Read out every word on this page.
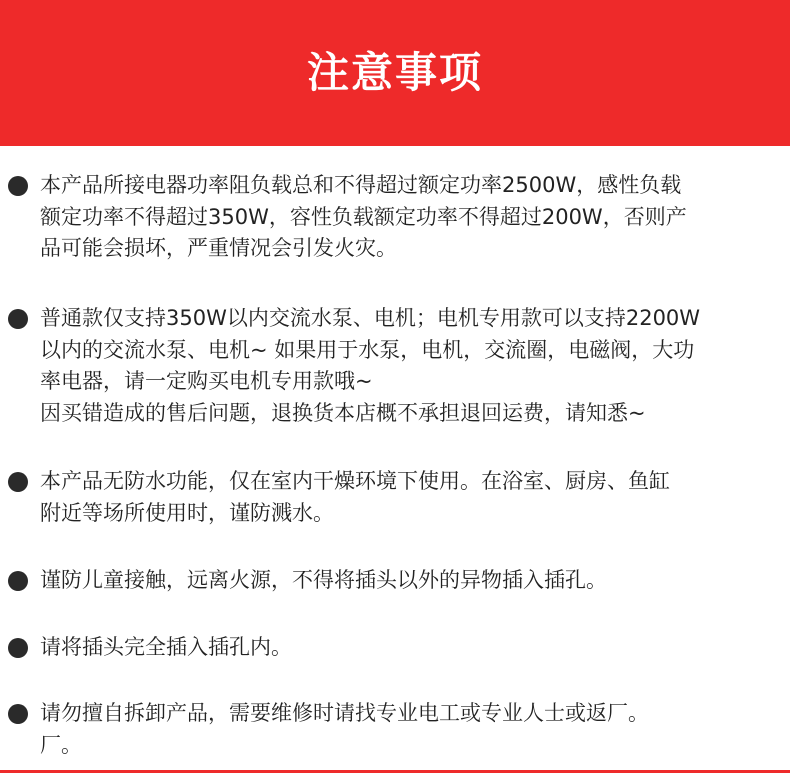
注意事项
本产品所接电器功率阻负载总和不得超过额定功率2500W，感性负载
额定功率不得超过350W，容性负载额定功率不得超过200W，否则产
品可能会损坏，严重情况会引发火灾。
普通款仅支持350W以内交流水泵、电机；电机专用款可以支持2200W
以内的交流水泵、电机~ 如果用于水泵，电机，交流圈，电磁阀，大功
率电器，请一定购买电机专用款哦~
因买错造成的售后问题，退换货本店概不承担退回运费，请知悉~
本产品无防水功能，仅在室内干燥环境下使用。在浴室、厨房、鱼缸
附近等场所使用时，谨防溅水。
谨防儿童接触，远离火源，不得将插头以外的异物插入插孔。
请将插头完全插入插孔内。
请勿擅自拆卸产品，需要维修时请找专业电工或专业人士或返厂。
厂。
